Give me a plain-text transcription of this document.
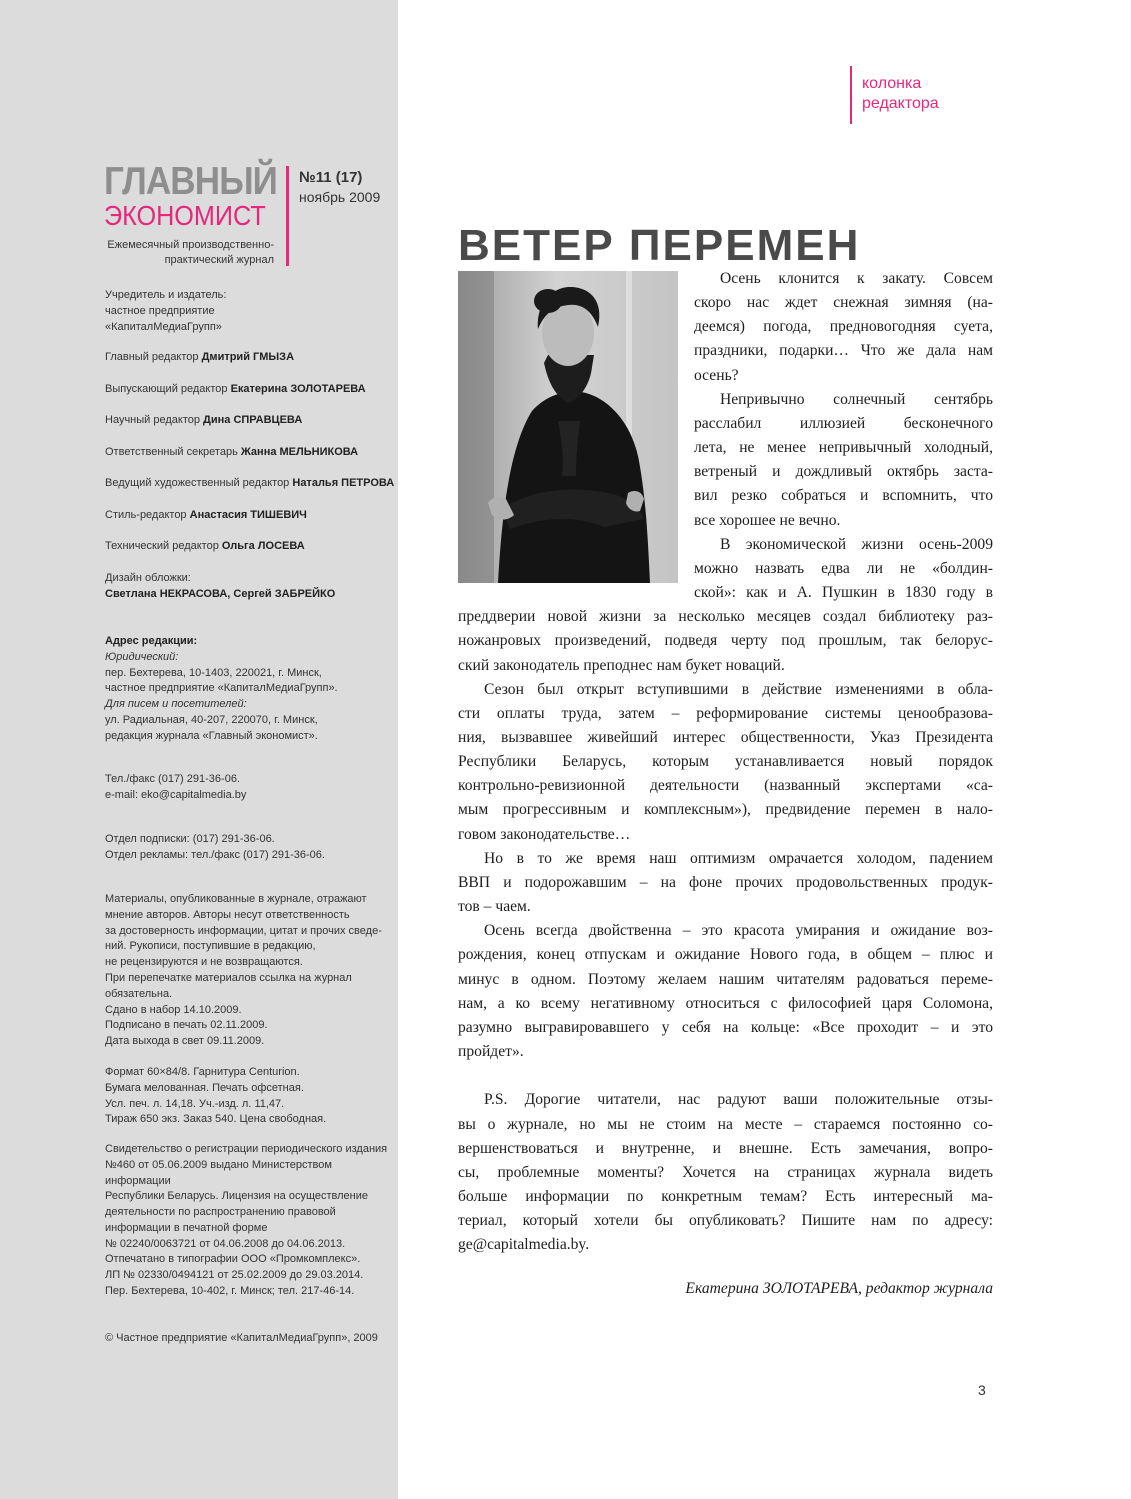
ГЛАВНЫЙ
ЭКОНОМИСТ
Ежемесячный производственно-
практический журнал
№11 (17)
ноябрь 2009
Учредитель и издатель:
частное предприятие
«КапиталМедиаГрупп»
Главный редактор Дмитрий ГМЫЗА
Выпускающий редактор Екатерина ЗОЛОТАРЕВА
Научный редактор Дина СПРАВЦЕВА
Ответственный секретарь Жанна МЕЛЬНИКОВА
Ведущий художественный редактор Наталья ПЕТРОВА
Стиль-редактор Анастасия ТИШЕВИЧ
Технический редактор Ольга ЛОСЕВА
Дизайн обложки:
Светлана НЕКРАСОВА, Сергей ЗАБРЕЙКО
Адрес редакции:
Юридический:
пер. Бехтерева, 10-1403, 220021, г. Минск,
частное предприятие «КапиталМедиаГрупп».
Для писем и посетителей:
ул. Радиальная, 40-207, 220070, г. Минск,
редакция журнала «Главный экономист».
Тел./факс (017) 291-36-06.
e-mail: eko@capitalmedia.by
Отдел подписки: (017) 291-36-06.
Отдел рекламы: тел./факс (017) 291-36-06.
Материалы, опубликованные в журнале, отражают
мнение авторов. Авторы несут ответственность
за достоверность информации, цитат и прочих сведе-
ний. Рукописи, поступившие в редакцию,
не рецензируются и не возвращаются.
При перепечатке материалов ссылка на журнал
обязательна.
Сдано в набор 14.10.2009.
Подписано в печать 02.11.2009.
Дата выхода в свет 09.11.2009.
Формат 60×84/8. Гарнитура Centurion.
Бумага мелованная. Печать офсетная.
Усл. печ. л. 14,18. Уч.-изд. л. 11,47.
Тираж 650 экз. Заказ 540. Цена свободная.
Свидетельство о регистрации периодического издания
№460 от 05.06.2009 выдано Министерством информации
Республики Беларусь. Лицензия на осуществление
деятельности по распространению правовой
информации в печатной форме
№ 02240/0063721 от 04.06.2008 до 04.06.2013.
Отпечатано в типографии ООО «Промкомплекс».
ЛП № 02330/0494121 от 25.02.2009 до 29.03.2014.
Пер. Бехтерева, 10-402, г. Минск; тел. 217-46-14.
© Частное предприятие «КапиталМедиаГрупп», 2009
колонка
редактора
ВЕТЕР ПЕРЕМЕН

Осень клонится к закату. Совсем

скоро нас ждет снежная зимняя (на-

деемся) погода, предновогодняя суета,

праздники, подарки… Что же дала нам

осень?

Непривычно солнечный сентябрь

расслабил иллюзией бесконечного

лета, не менее непривычный холодный,

ветреный и дождливый октябрь заста-

вил резко собраться и вспомнить, что

все хорошее не вечно.

В экономической жизни осень-2009

можно назвать едва ли не «болдин-

ской»: как и А. Пушкин в 1830 году в

преддверии новой жизни за несколько месяцев создал библиотеку раз-

ножанровых произведений, подведя черту под прошлым, так белорус-

ский законодатель преподнес нам букет новаций.

Сезон был открыт вступившими в действие изменениями в обла-

сти оплаты труда, затем – реформирование системы ценообразова-

ния, вызвавшее живейший интерес общественности, Указ Президента

Республики Беларусь, которым устанавливается новый порядок

контрольно-ревизионной деятельности (названный экспертами «са-

мым прогрессивным и комплексным»), предвидение перемен в нало-

говом законодательстве…

Но в то же время наш оптимизм омрачается холодом, падением

ВВП и подорожавшим – на фоне прочих продовольственных продук-

тов – чаем.

Осень всегда двойственна – это красота умирания и ожидание воз-

рождения, конец отпускам и ожидание Нового года, в общем – плюс и

минус в одном. Поэтому желаем нашим читателям радоваться переме-

нам, а ко всему негативному относиться с философией царя Соломона,

разумно выгравировавшего у себя на кольце: «Все проходит – и это

пройдет».

P.S. Дорогие читатели, нас радуют ваши положительные отзы-

вы о журнале, но мы не стоим на месте – стараемся постоянно со-

вершенствоваться и внутренне, и внешне. Есть замечания, вопро-

сы, проблемные моменты? Хочется на страницах журнала видеть

больше информации по конкретным темам? Есть интересный ма-

териал, который хотели бы опубликовать? Пишите нам по адресу:

ge@capitalmedia.by.

Екатерина ЗОЛОТАРЕВА, редактор журнала
3
